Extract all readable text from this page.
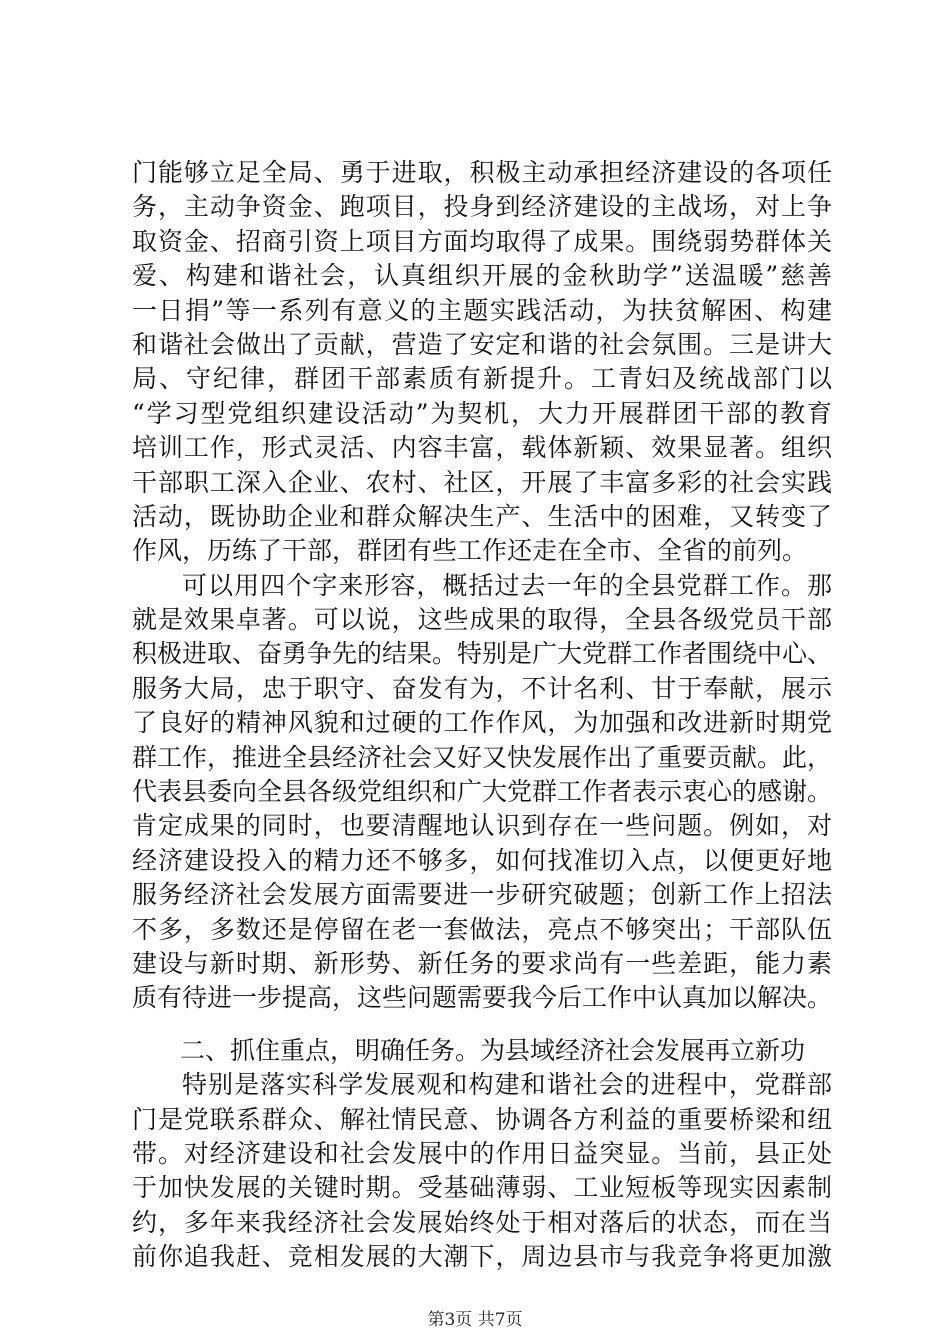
门能够立足全局、勇于进取，积极主动承担经济建设的各项任
务，主动争资金、跑项目，投身到经济建设的主战场，对上争
取资金、招商引资上项目方面均取得了成果。围绕弱势群体关
爱、构建和谐社会，认真组织开展的金秋助学”送温暖”慈善
一日捐”等一系列有意义的主题实践活动，为扶贫解困、构建
和谐社会做出了贡献，营造了安定和谐的社会氛围。三是讲大
局、守纪律，群团干部素质有新提升。工青妇及统战部门以
“学习型党组织建设活动”为契机，大力开展群团干部的教育
培训工作，形式灵活、内容丰富，载体新颖、效果显著。组织
干部职工深入企业、农村、社区，开展了丰富多彩的社会实践
活动，既协助企业和群众解决生产、生活中的困难，又转变了
作风，历练了干部，群团有些工作还走在全市、全省的前列。
可以用四个字来形容，概括过去一年的全县党群工作。那
就是效果卓著。可以说，这些成果的取得，全县各级党员干部
积极进取、奋勇争先的结果。特别是广大党群工作者围绕中心、
服务大局，忠于职守、奋发有为，不计名利、甘于奉献，展示
了良好的精神风貌和过硬的工作作风，为加强和改进新时期党
群工作，推进全县经济社会又好又快发展作出了重要贡献。此，
代表县委向全县各级党组织和广大党群工作者表示衷心的感谢。
肯定成果的同时，也要清醒地认识到存在一些问题。例如，对
经济建设投入的精力还不够多，如何找准切入点，以便更好地
服务经济社会发展方面需要进一步研究破题；创新工作上招法
不多，多数还是停留在老一套做法，亮点不够突出；干部队伍
建设与新时期、新形势、新任务的要求尚有一些差距，能力素
质有待进一步提高，这些问题需要我今后工作中认真加以解决。
二、抓住重点，明确任务。为县域经济社会发展再立新功
特别是落实科学发展观和构建和谐社会的进程中，党群部
门是党联系群众、解社情民意、协调各方利益的重要桥梁和纽
带。对经济建设和社会发展中的作用日益突显。当前，县正处
于加快发展的关键时期。受基础薄弱、工业短板等现实因素制
约，多年来我经济社会发展始终处于相对落后的状态，而在当
前你追我赶、竞相发展的大潮下，周边县市与我竞争将更加激
第3页 共7页
